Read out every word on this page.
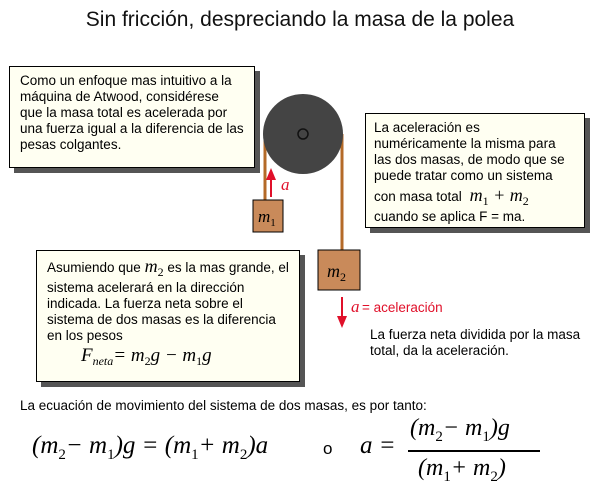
Sin fricción, despreciando la masa de la polea
$m_1$
a
$m_2$
a = aceleración
Como un enfoque mas intuitivo a la máquina de Atwood, considérese que la masa total es acelerada por una fuerza igual a la diferencia de las pesas colgantes.
La aceleración es numéricamente la misma para las dos masas, de modo que se puede tratar como un sistema
con masa total $m_1 + m_2$
cuando se aplica F = ma.
Asumiendo que $m_2$ es la mas grande, el sistema acelerará en la dirección indicada. La fuerza neta sobre el sistema de dos masas es la diferencia en los pesos
$F_{neta}= m_2g - m_1g$
La fuerza neta dividida por la masa total, da la aceleración.
La ecuación de movimiento del sistema de dos masas, es por tanto:
$(m_2- m_1)g = (m_1+ m_2)a$	o a =
$(m_2- m_1)g$
$(m_1+ m_2)$
